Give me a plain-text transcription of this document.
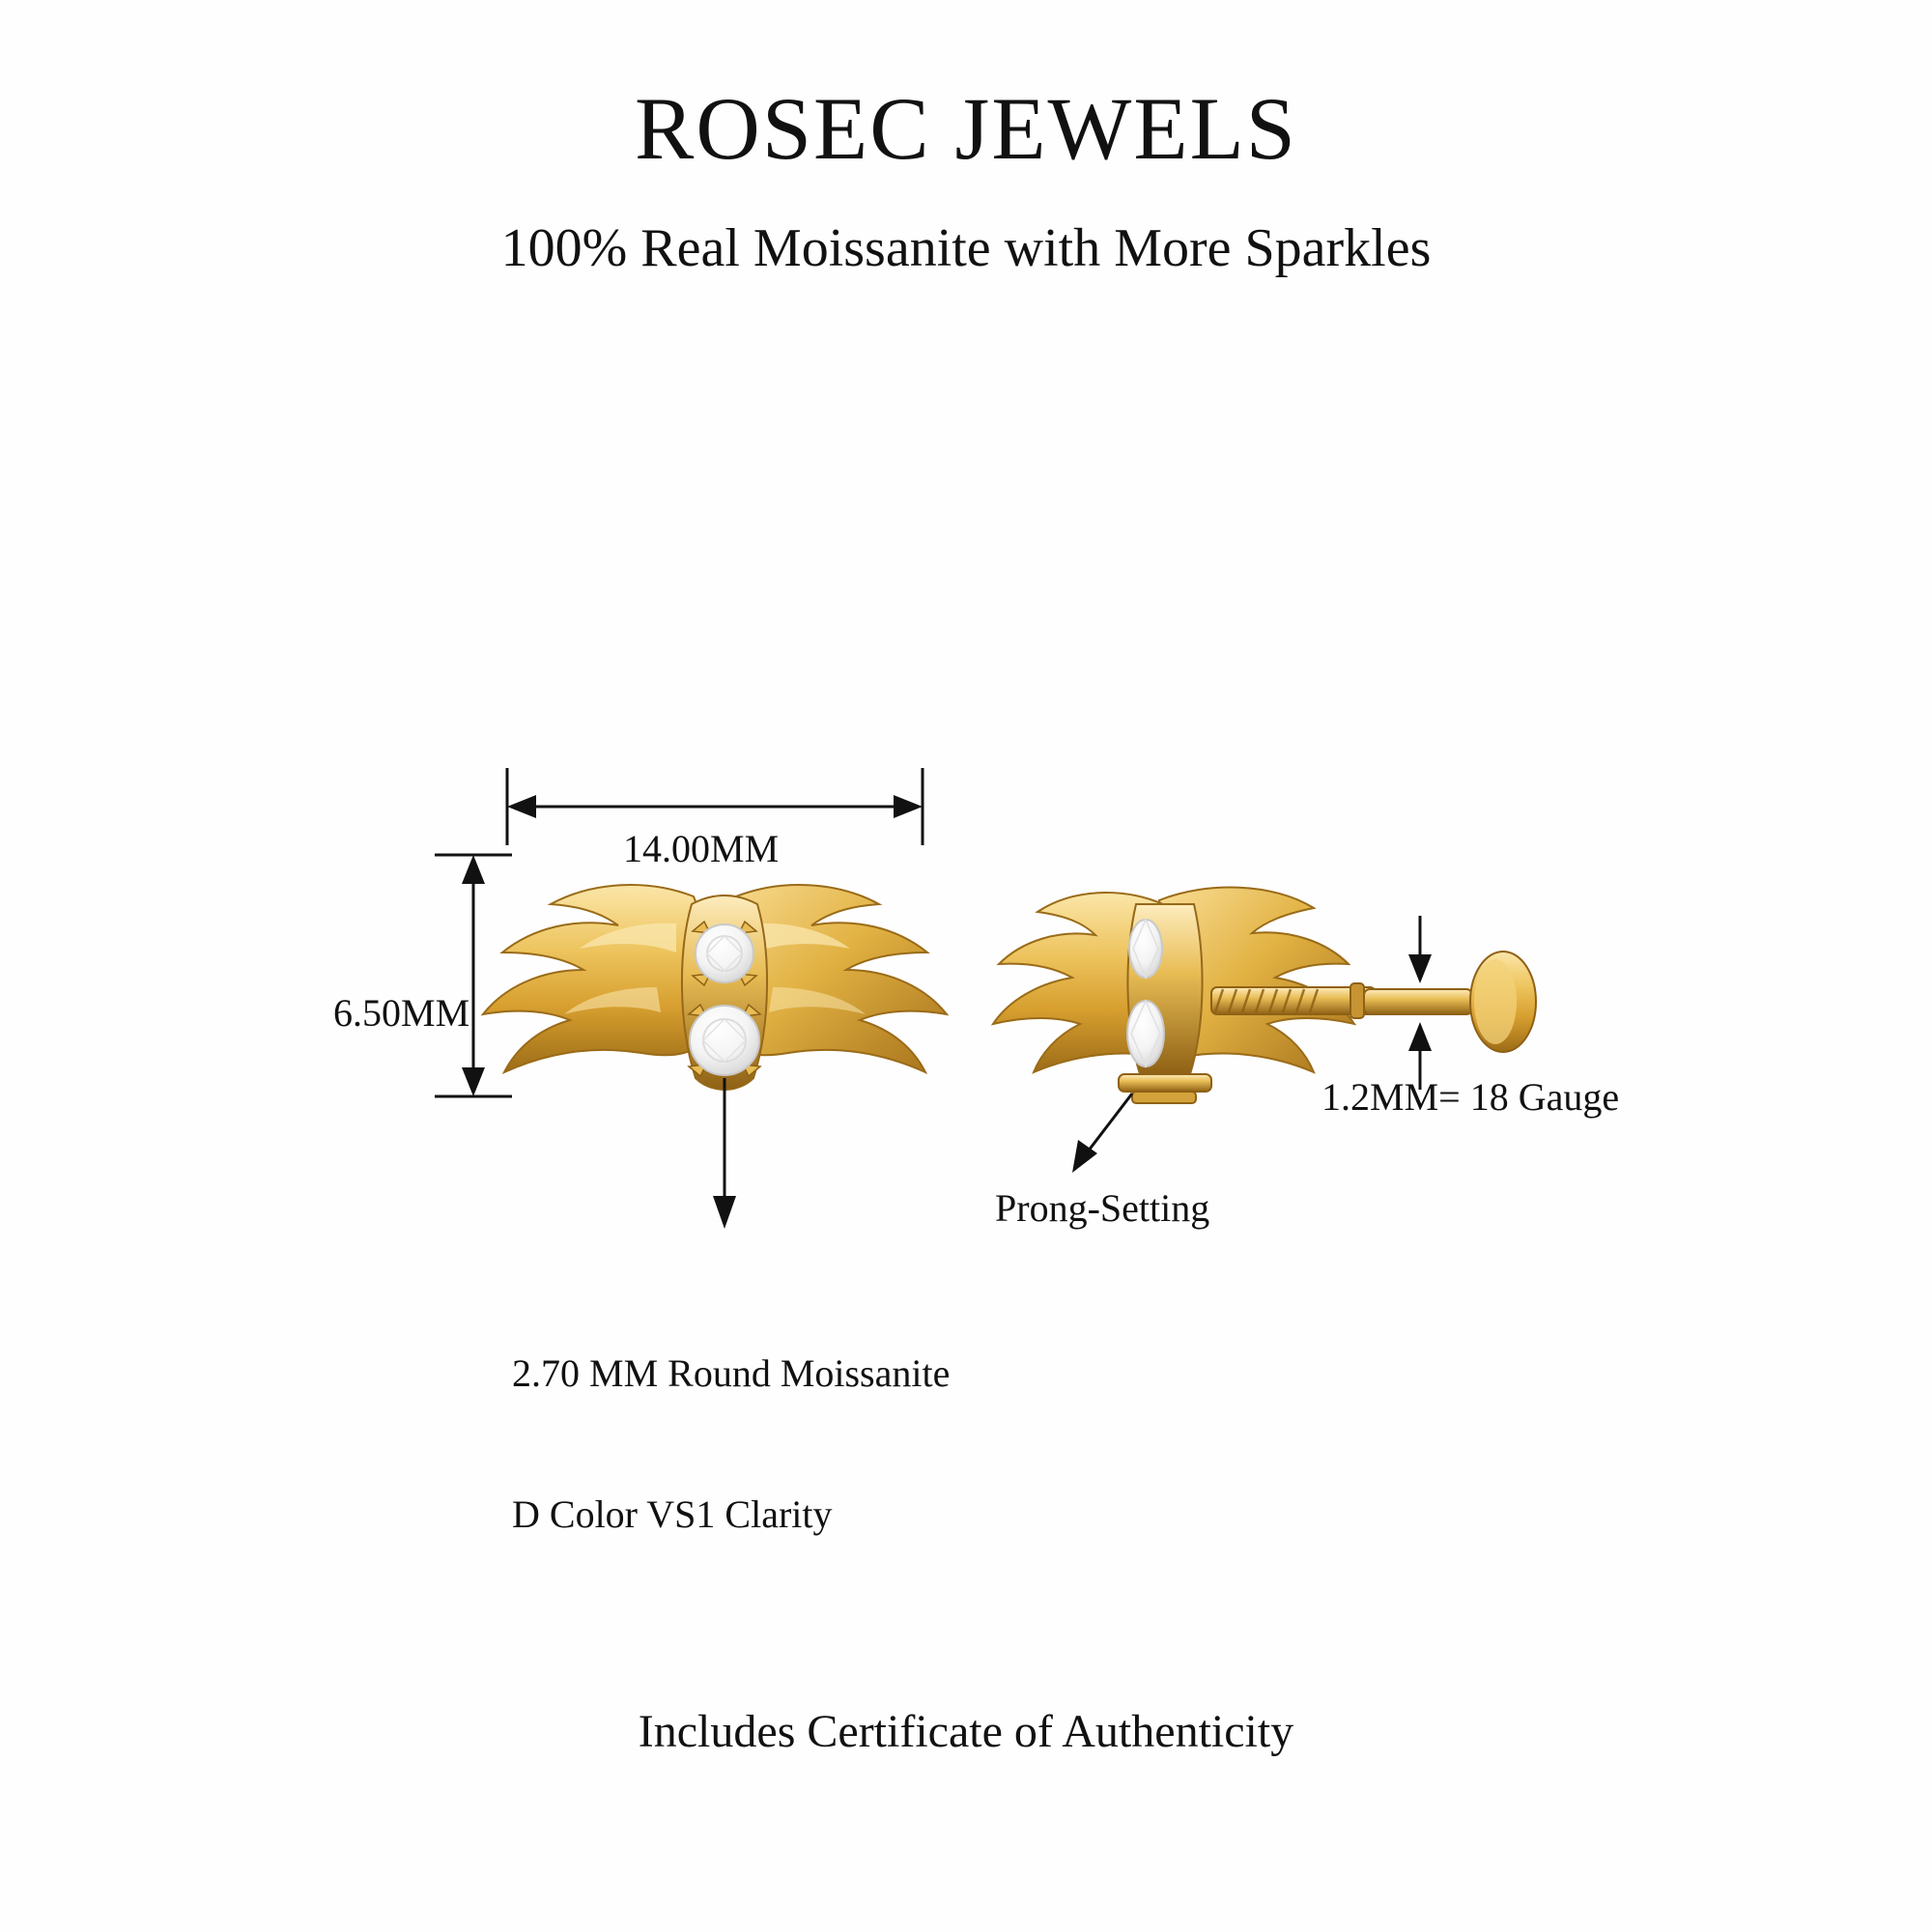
ROSEC JEWELS
100% Real Moissanite with More Sparkles
14.00MM
6.50MM
1.2MM= 18 Gauge
Prong-Setting

2.70 MM Round Moissanite

D Color VS1 Clarity

Includes Certificate of Authenticity
